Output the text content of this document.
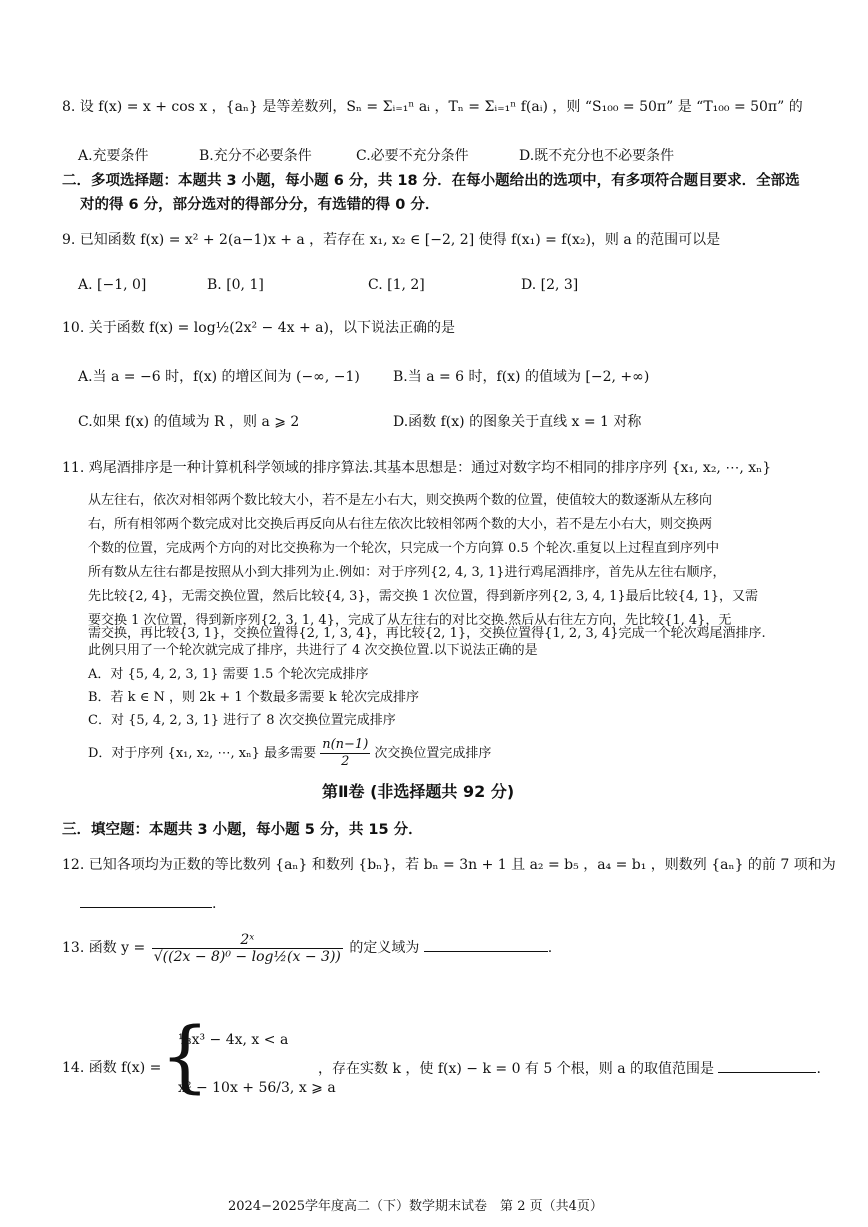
8. 设 f(x) = x + cos x ，{aₙ} 是等差数列，Sₙ = Σᵢ₌₁ⁿ aᵢ ，Tₙ = Σᵢ₌₁ⁿ f(aᵢ) ，则 “S₁₀₀ = 50π” 是 “T₁₀₀ = 50π” 的
A.充要条件	B.充分不必要条件	C.必要不充分条件	D.既不充分也不必要条件
二．多项选择题：本题共 3 小题，每小题 6 分，共 18 分．在每小题给出的选项中，有多项符合题目要求．全部选
对的得 6 分，部分选对的得部分分，有选错的得 0 分．
9. 已知函数 f(x) = x² + 2(a−1)x + a ，若存在 x₁, x₂ ∈ [−2, 2] 使得 f(x₁) = f(x₂)，则 a 的范围可以是
A. [−1, 0]	B. [0, 1]	C. [1, 2]	D. [2, 3]
10. 关于函数 f(x) = log½(2x² − 4x + a)，以下说法正确的是
A.当 a = −6 时，f(x) 的增区间为 (−∞, −1) B.当 a = 6 时，f(x) 的值域为 [−2, +∞)
C.如果 f(x) 的值域为 R ，则 a ⩾ 2	D.函数 f(x) 的图象关于直线 x = 1 对称
11. 鸡尾酒排序是一种计算机科学领域的排序算法.其基本思想是：通过对数字均不相同的排序序列 {x₁, x₂, ⋯, xₙ}
从左往右，依次对相邻两个数比较大小，若不是左小右大，则交换两个数的位置，使值较大的数逐渐从左移向
右，所有相邻两个数完成对比交换后再反向从右往左依次比较相邻两个数的大小，若不是左小右大，则交换两
个数的位置，完成两个方向的对比交换称为一个轮次，只完成一个方向算 0.5 个轮次.重复以上过程直到序列中
所有数从左往右都是按照从小到大排列为止.例如：对于序列{2, 4, 3, 1}进行鸡尾酒排序，首先从左往右顺序，
先比较{2, 4}，无需交换位置，然后比较{4, 3}，需交换 1 次位置，得到新序列{2, 3, 4, 1}最后比较{4, 1}，又需
要交换 1 次位置，得到新序列{2, 3, 1, 4}，完成了从左往右的对比交换.然后从右往左方向，先比较{1, 4}，无
需交换，再比较{3, 1}，交换位置得{2, 1, 3, 4}，再比较{2, 1}，交换位置得{1, 2, 3, 4}完成一个轮次鸡尾酒排序.
此例只用了一个轮次就完成了排序，共进行了 4 次交换位置.以下说法正确的是
A．对 {5, 4, 2, 3, 1} 需要 1.5 个轮次完成排序
B．若 k ∈ N ，则 2k + 1 个数最多需要 k 轮次完成排序
C．对 {5, 4, 2, 3, 1} 进行了 8 次交换位置完成排序
D．对于序列 {x₁, x₂, ⋯, xₙ} 最多需要 $\frac{n(n-1)}{2}$ 次交换位置完成排序
第Ⅱ卷 (非选择题共 92 分)
三．填空题：本题共 3 小题，每小题 5 分，共 15 分．
12. 已知各项均为正数的等比数列 {aₙ} 和数列 {bₙ}，若 bₙ = 3n + 1 且 a₂ = b₅ ，a₄ = b₁ ，则数列 {aₙ} 的前 7 项和为
.
13. 函数 $y = \frac{\text{2ˣ}}{\text{√((2x − 8)⁰ − log½(x − 3))}}$ 的定义域为	.
14. 函数 f(x) =
{
⅓x³ − 4x, x < a
x² − 10x + 56/3, x ⩾ a
，存在实数 k ，使 f(x) − k = 0 有 5 个根，则 a 的取值范围是	.
2024−2025学年度高二（下）数学期末试卷　第 2 页（共4页）
